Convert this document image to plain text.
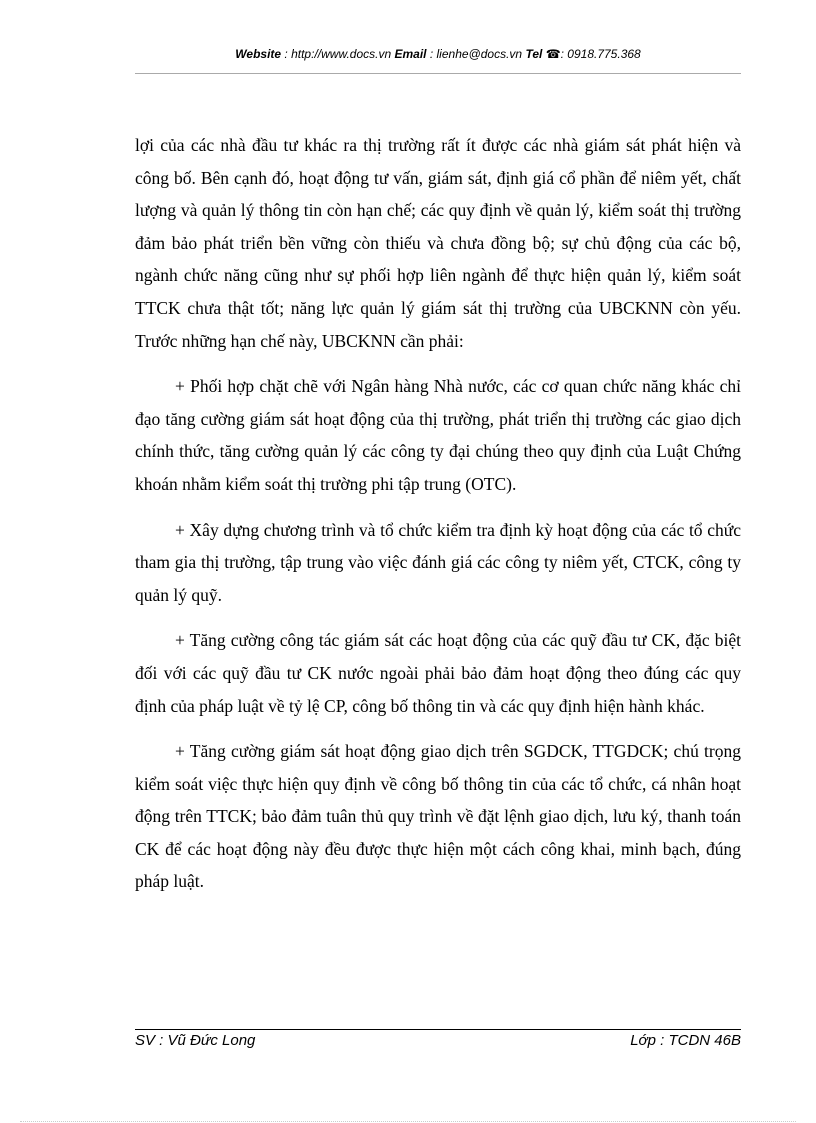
Website : http://www.docs.vn Email : lienhe@docs.vn Tel ☎: 0918.775.368

lợi của các nhà đầu tư khác ra thị trường rất ít được các nhà giám sát phát hiện và công bố. Bên cạnh đó, hoạt động tư vấn, giám sát, định giá cổ phần để niêm yết, chất lượng và quản lý thông tin còn hạn chế; các quy định về quản lý, kiểm soát thị trường đảm bảo phát triển bền vững còn thiếu và chưa đồng bộ; sự chủ động của các bộ, ngành chức năng cũng như sự phối hợp liên ngành để thực hiện quản lý, kiểm soát TTCK chưa thật tốt; năng lực quản lý giám sát thị trường của UBCKNN còn yếu. Trước những hạn chế này, UBCKNN cần phải:

+ Phối hợp chặt chẽ với Ngân hàng Nhà nước, các cơ quan chức năng khác chỉ đạo tăng cường giám sát hoạt động của thị trường, phát triển thị trường các giao dịch chính thức, tăng cường quản lý các công ty đại chúng theo quy định của Luật Chứng khoán nhằm kiểm soát thị trường phi tập trung (OTC).

+ Xây dựng chương trình và tổ chức kiểm tra định kỳ hoạt động của các tổ chức tham gia thị trường, tập trung vào việc đánh giá các công ty niêm yết, CTCK, công ty quản lý quỹ.

+ Tăng cường công tác giám sát các hoạt động của các quỹ đầu tư CK, đặc biệt đối với các quỹ đầu tư CK nước ngoài phải bảo đảm hoạt động theo đúng các quy định của pháp luật về tỷ lệ CP, công bố thông tin và các quy định hiện hành khác.

+ Tăng cường giám sát hoạt động giao dịch trên SGDCK, TTGDCK; chú trọng kiểm soát việc thực hiện quy định về công bố thông tin của các tổ chức, cá nhân hoạt động trên TTCK; bảo đảm tuân thủ quy trình về đặt lệnh giao dịch, lưu ký, thanh toán CK để các hoạt động này đều được thực hiện một cách công khai, minh bạch, đúng pháp luật.

SV : Vũ Đức Long	Lớp : TCDN 46B
